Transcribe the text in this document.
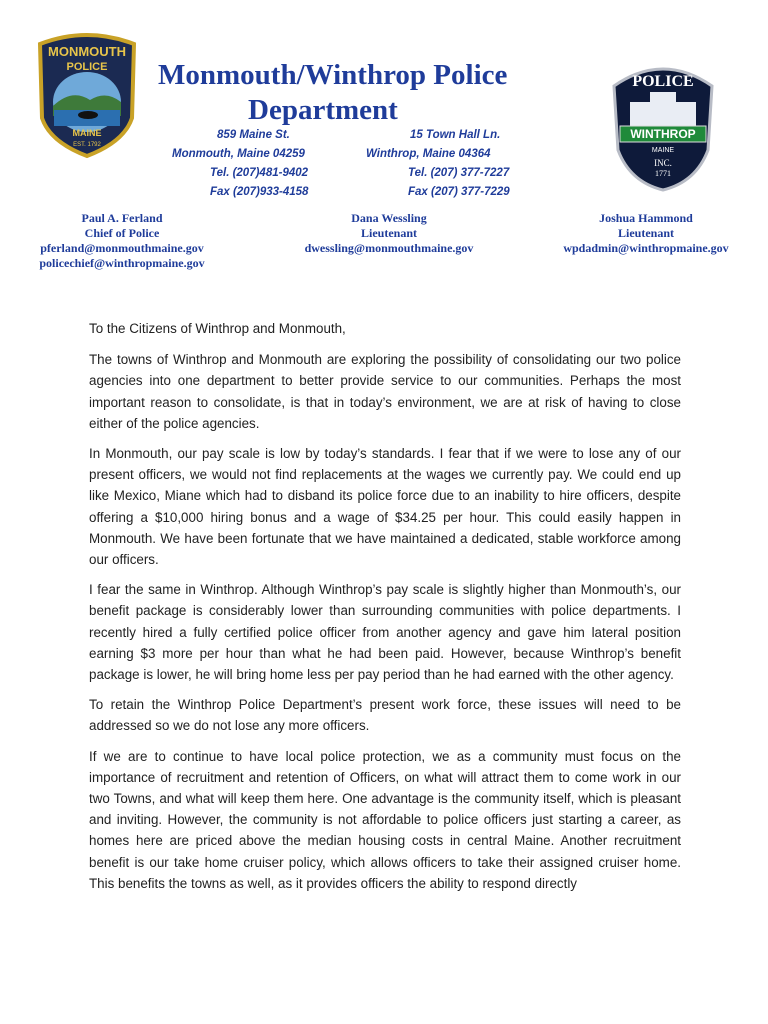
MONMOUTH
POLICE
MAINE
EST. 1792
Monmouth/Winthrop Police
Department
859 Maine St.
Monmouth, Maine 04259
Tel. (207)481-9402
Fax (207)933-4158
15 Town Hall Ln.
Winthrop, Maine 04364
Tel. (207) 377-7227
Fax (207) 377-7229
POLICE
WINTHROP
MAINE
INC.
1771
Paul A. Ferland
Chief of Police
pferland@monmouthmaine.gov
policechief@winthropmaine.gov
Dana Wessling
Lieutenant
dwessling@monmouthmaine.gov
Joshua Hammond
Lieutenant
wpdadmin@winthropmaine.gov

To the Citizens of Winthrop and Monmouth,

The towns of Winthrop and Monmouth are exploring the possibility of consolidating our two police agencies into one department to better provide service to our communities. Perhaps the most important reason to consolidate, is that in today’s environment, we are at risk of having to close either of the police agencies.

In Monmouth, our pay scale is low by today’s standards. I fear that if we were to lose any of our present officers, we would not find replacements at the wages we currently pay. We could end up like Mexico, Miane which had to disband its police force due to an inability to hire officers, despite offering a $10,000 hiring bonus and a wage of $34.25 per hour. This could easily happen in Monmouth. We have been fortunate that we have maintained a dedicated, stable workforce among our officers.

I fear the same in Winthrop. Although Winthrop’s pay scale is slightly higher than Monmouth’s, our benefit package is considerably lower than surrounding communities with police departments. I recently hired a fully certified police officer from another agency and gave him lateral position earning $3 more per hour than what he had been paid. However, because Winthrop’s benefit package is lower, he will bring home less per pay period than he had earned with the other agency.

To retain the Winthrop Police Department’s present work force, these issues will need to be addressed so we do not lose any more officers.

If we are to continue to have local police protection, we as a community must focus on the importance of recruitment and retention of Officers, on what will attract them to come work in our two Towns, and what will keep them here. One advantage is the community itself, which is pleasant and inviting. However, the community is not affordable to police officers just starting a career, as homes here are priced above the median housing costs in central Maine. Another recruitment benefit is our take home cruiser policy, which allows officers to take their assigned cruiser home. This benefits the towns as well, as it provides officers the ability to respond directly
